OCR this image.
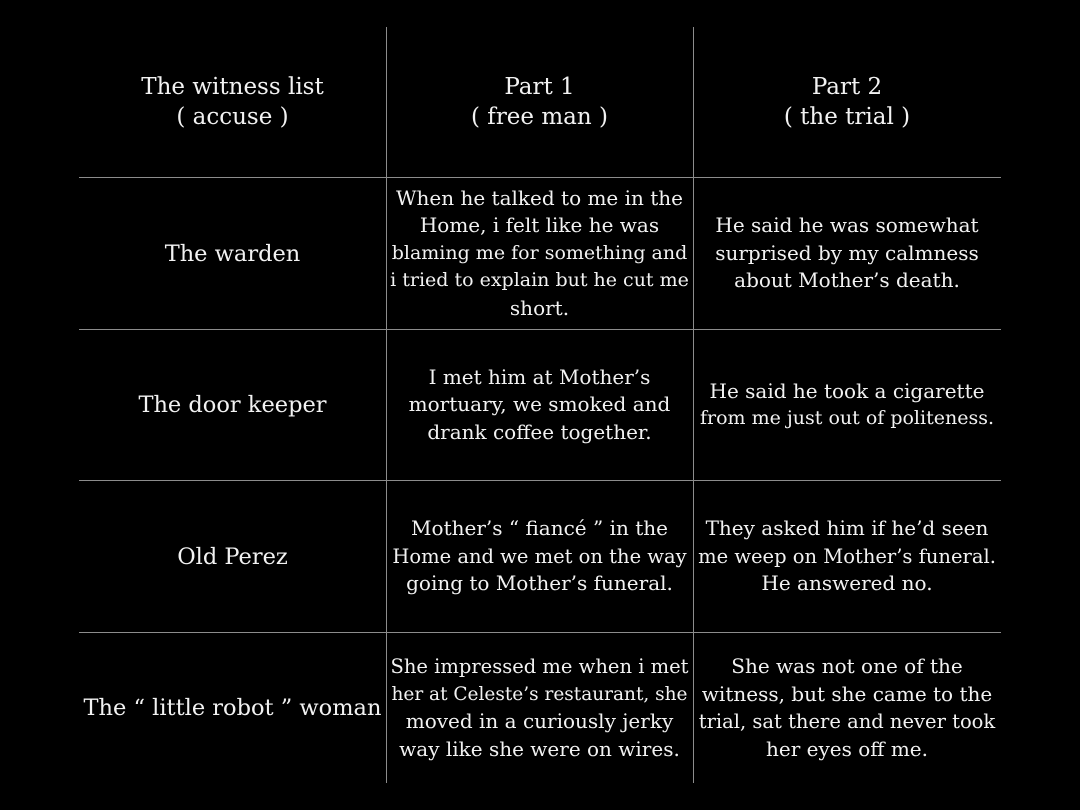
The witness list
( accuse )
Part 1
( free man )
Part 2
( the trial )
The warden
When he talked to me in the
Home, i felt like he was
blaming me for something and
i tried to explain but he cut me
short.
He said he was somewhat
surprised by my calmness
about Mother’s death.
The door keeper
I met him at Mother’s
mortuary, we smoked and
drank coffee together.
He said he took a cigarette
from me just out of politeness.
Old Perez
Mother’s “ fiancé ” in the
Home and we met on the way
going to Mother’s funeral.
They asked him if he’d seen
me weep on Mother’s funeral.
He answered no.
The “ little robot ” woman
She impressed me when i met
her at Celeste’s restaurant, she
moved in a curiously jerky
way like she were on wires.
She was not one of the
witness, but she came to the
trial, sat there and never took
her eyes off me.
